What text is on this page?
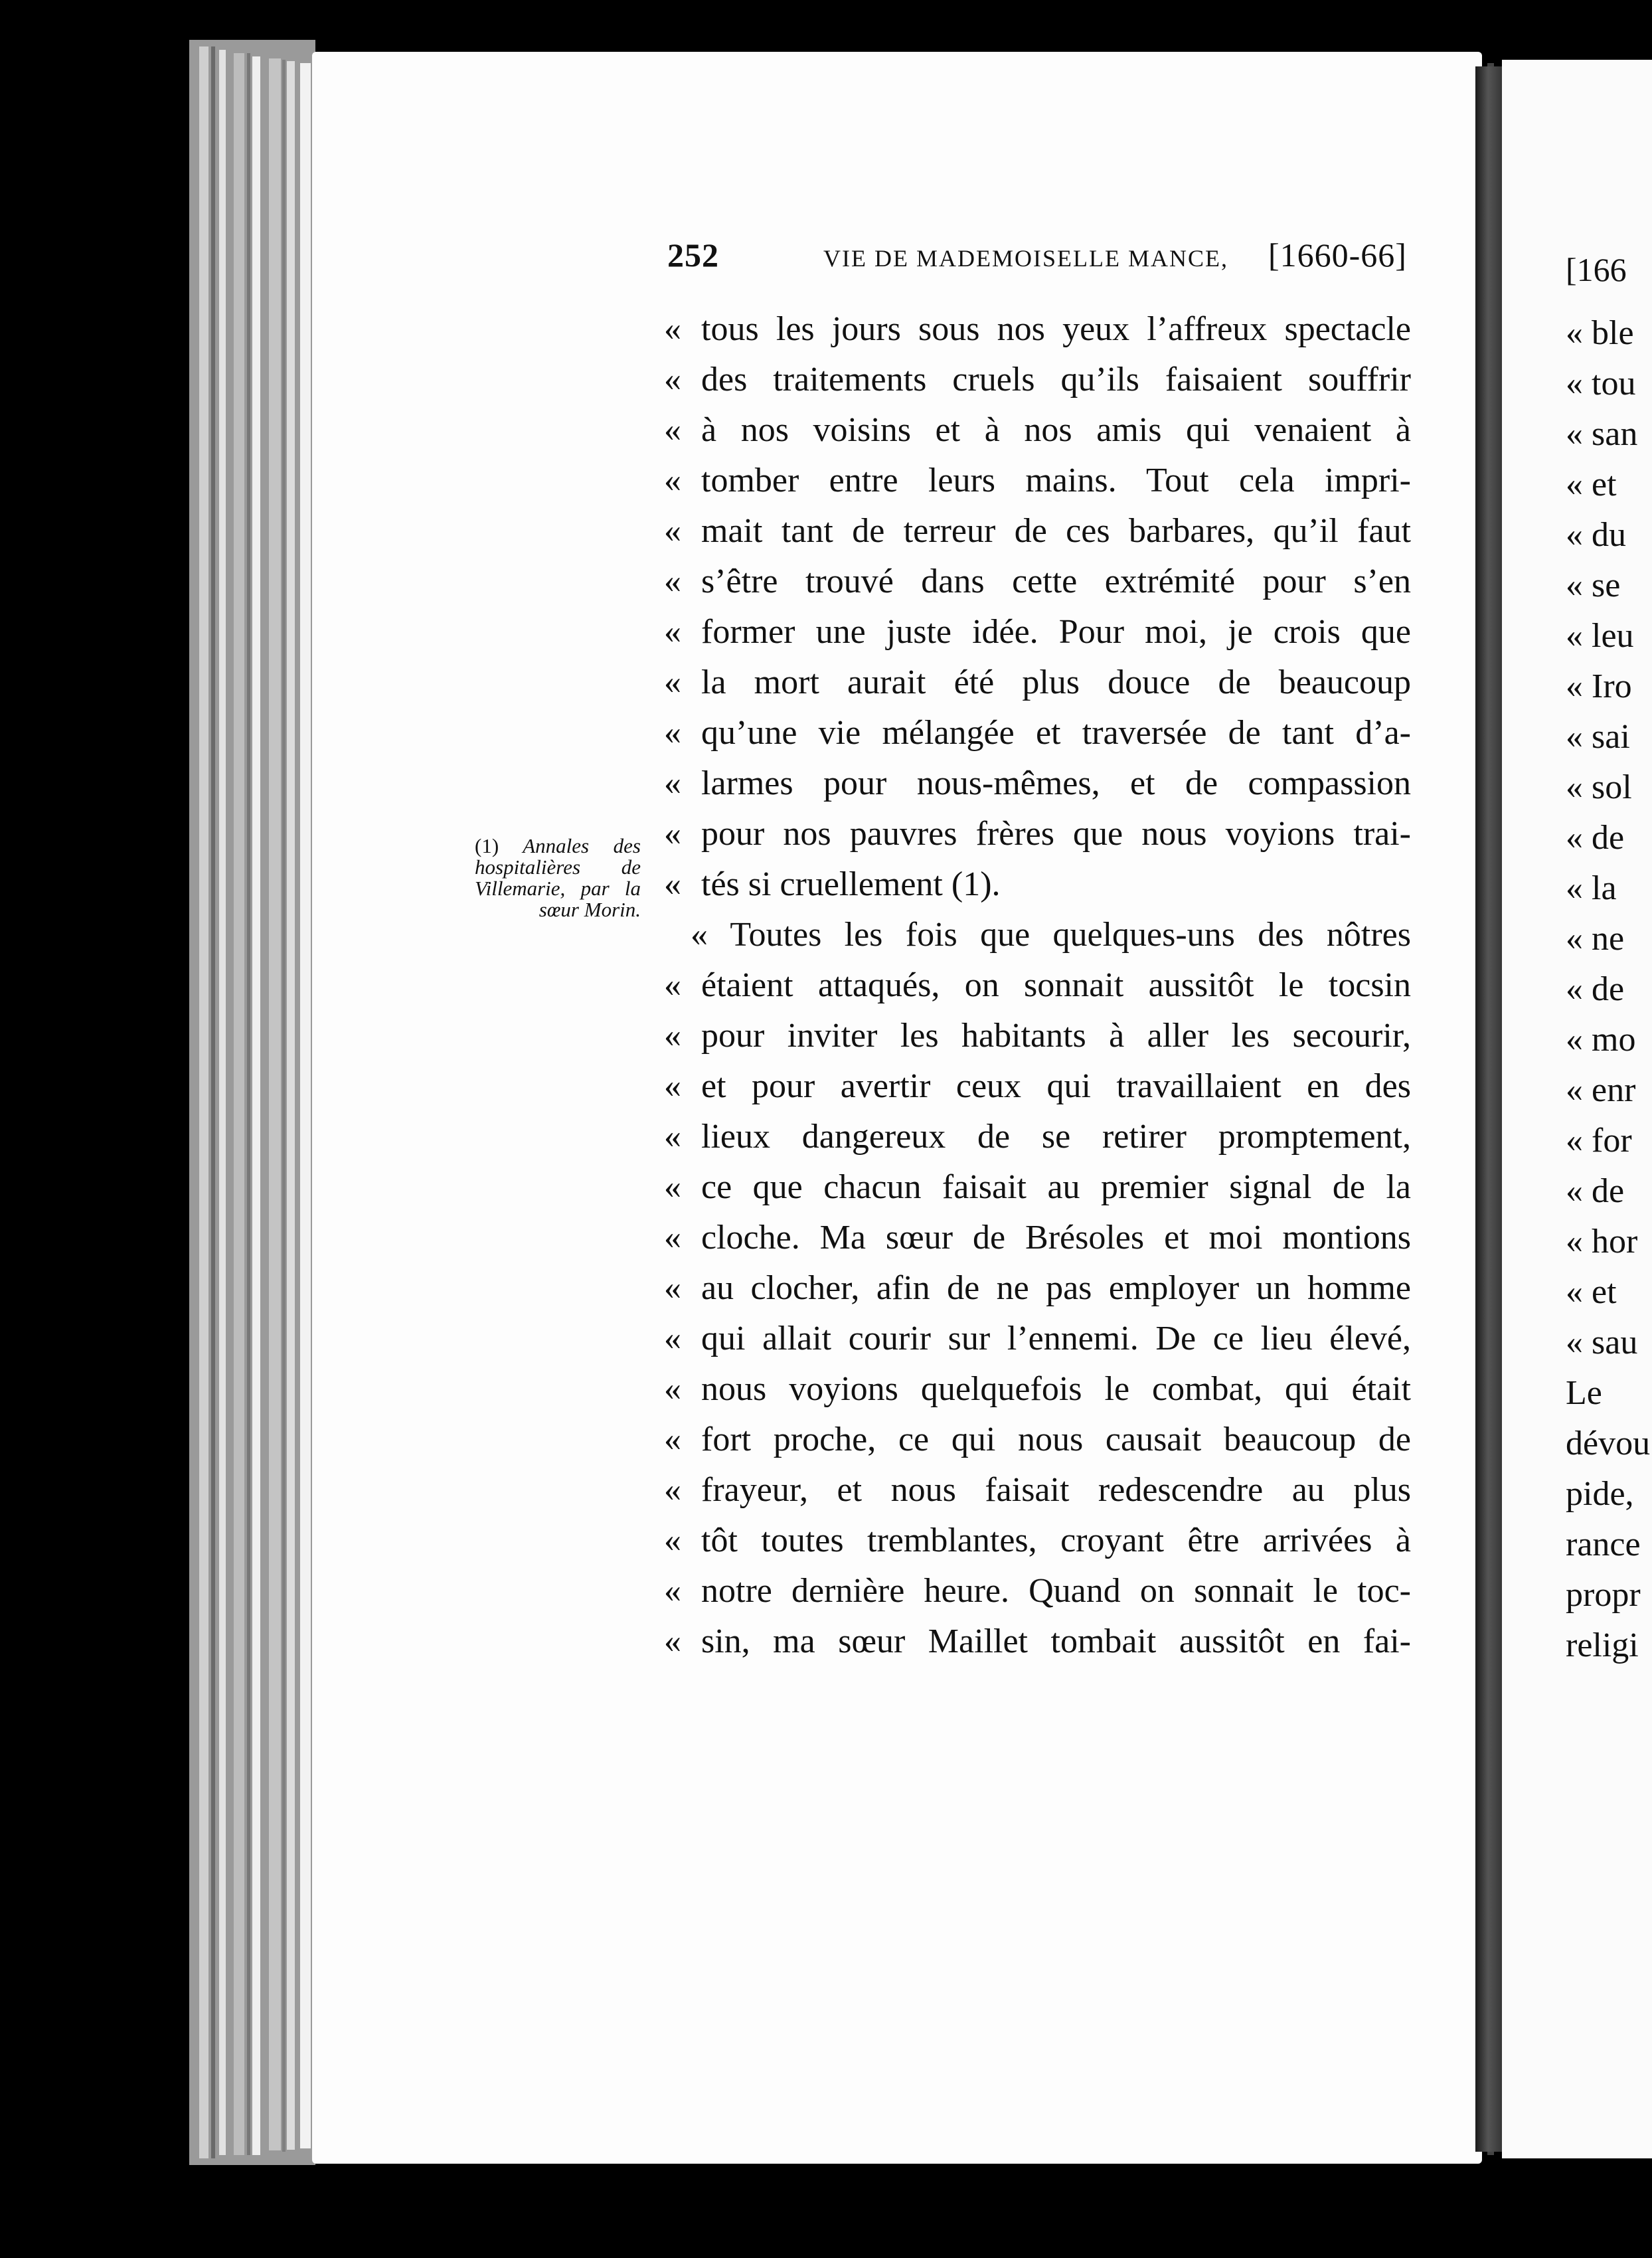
252	VIE DE MADEMOISELLE MANCE, [1660-66]
(1) Annales des hospitalières de Villemarie, par la sœur Morin.
« tous les jours sous nos yeux l’affreux spectacle
« des traitements cruels qu’ils faisaient souffrir
« à nos voisins et à nos amis qui venaient à
« tomber entre leurs mains. Tout cela impri-
« mait tant de terreur de ces barbares, qu’il faut
« s’être trouvé dans cette extrémité pour s’en
« former une juste idée. Pour moi, je crois que
« la mort aurait été plus douce de beaucoup
« qu’une vie mélangée et traversée de tant d’a-
« larmes pour nous-mêmes, et de compassion
« pour nos pauvres frères que nous voyions trai-
« tés si cruellement (1).
« Toutes les fois que quelques-uns des nôtres
« étaient attaqués, on sonnait aussitôt le tocsin
« pour inviter les habitants à aller les secourir,
« et pour avertir ceux qui travaillaient en des
« lieux dangereux de se retirer promptement,
« ce que chacun faisait au premier signal de la
« cloche. Ma sœur de Brésoles et moi montions
« au clocher, afin de ne pas employer un homme
« qui allait courir sur l’ennemi. De ce lieu élevé,
« nous voyions quelquefois le combat, qui était
« fort proche, ce qui nous causait beaucoup de
« frayeur, et nous faisait redescendre au plus
« tôt toutes tremblantes, croyant être arrivées à
« notre dernière heure. Quand on sonnait le toc-
« sin, ma sœur Maillet tombait aussitôt en fai-
[166
« ble
« tou
« san
« et
« du
« se
« leu
« Iro
« sai
« sol
« de
« la
« ne
« de
« mo
« enr
« for
« de
« hor
« et
« sau
Le
dévou
pide,
rance
propr
religi
